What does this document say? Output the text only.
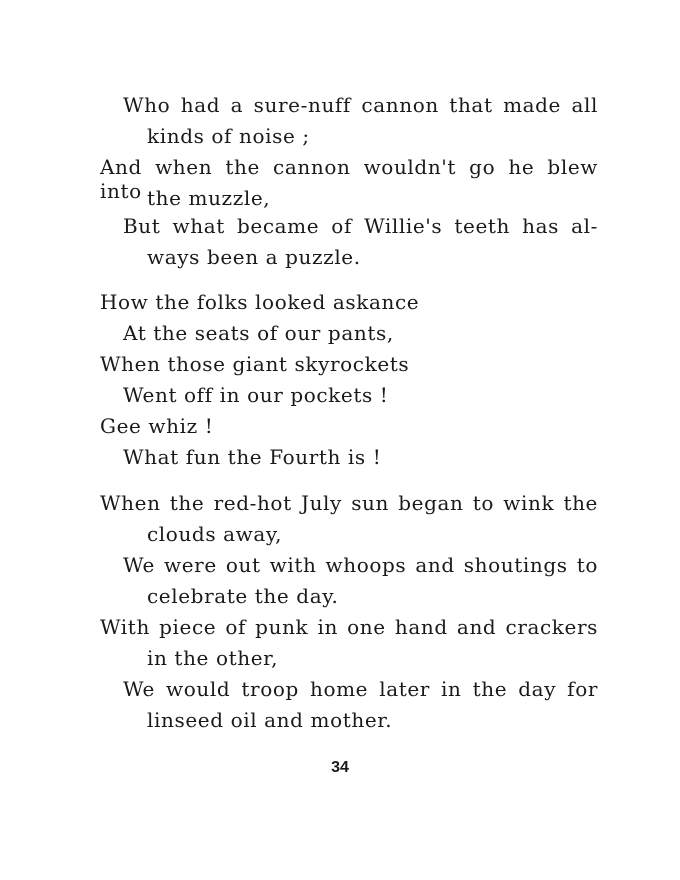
Who had a sure-nuff cannon that made all
kinds of noise ;
And when the cannon wouldn't go he blew into the muzzle,
But what became of Willie's teeth has al-
ways been a puzzle.
How the folks looked askance
At the seats of our pants,
When those giant skyrockets
Went off in our pockets !
Gee whiz !
What fun the Fourth is !
When the red-hot July sun began to wink the
clouds away,
We were out with whoops and shoutings to
celebrate the day.
With piece of punk in one hand and crackers
in the other,
We would troop home later in the day for
linseed oil and mother.
34
